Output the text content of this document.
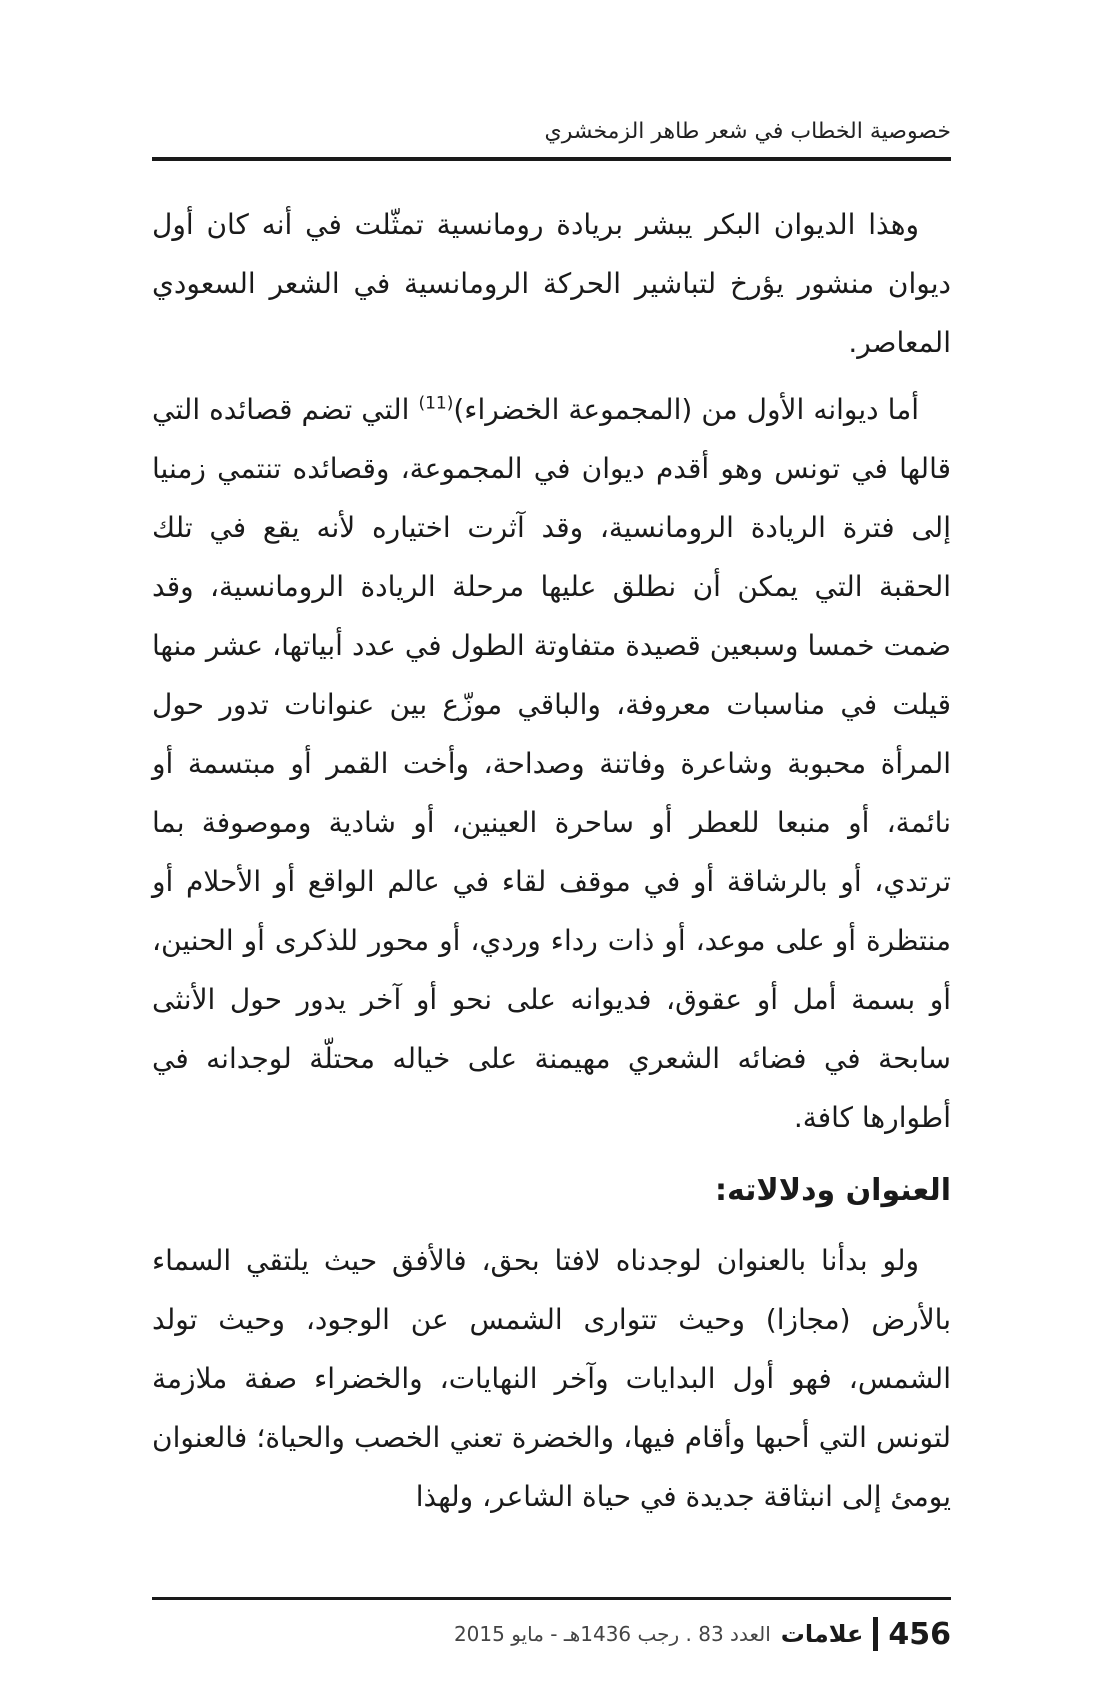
خصوصية الخطاب في شعر طاهر الزمخشري

وهذا الديوان البكر يبشر بريادة رومانسية تمثّلت في أنه كان أول ديوان منشور يؤرخ لتباشير الحركة الرومانسية في الشعر السعودي المعاصر.

أما ديوانه الأول من (المجموعة الخضراء)$^{(11)}$ التي تضم قصائده التي قالها في تونس وهو أقدم ديوان في المجموعة، وقصائده تنتمي زمنيا إلى فترة الريادة الرومانسية، وقد آثرت اختياره لأنه يقع في تلك الحقبة التي يمكن أن نطلق عليها مرحلة الريادة الرومانسية، وقد ضمت خمسا وسبعين قصيدة متفاوتة الطول في عدد أبياتها، عشر منها قيلت في مناسبات معروفة، والباقي موزّع بين عنوانات تدور حول المرأة محبوبة وشاعرة وفاتنة وصداحة، وأخت القمر أو مبتسمة أو نائمة، أو منبعا للعطر أو ساحرة العينين، أو شادية وموصوفة بما ترتدي، أو بالرشاقة أو في موقف لقاء في عالم الواقع أو الأحلام أو منتظرة أو على موعد، أو ذات رداء وردي، أو محور للذكرى أو الحنين، أو بسمة أمل أو عقوق، فديوانه على نحو أو آخر يدور حول الأنثى سابحة في فضائه الشعري مهيمنة على خياله محتلّة لوجدانه في أطوارها كافة.

العنوان ودلالاته:

ولو بدأنا بالعنوان لوجدناه لافتا بحق، فالأفق حيث يلتقي السماء بالأرض (مجازا) وحيث تتوارى الشمس عن الوجود، وحيث تولد الشمس، فهو أول البدايات وآخر النهايات، والخضراء صفة ملازمة لتونس التي أحبها وأقام فيها، والخضرة تعني الخصب والحياة؛ فالعنوان يومئ إلى انبثاقة جديدة في حياة الشاعر، ولهذا

456
علامات
العدد 83 . رجب 1436هـ - مايو 2015
